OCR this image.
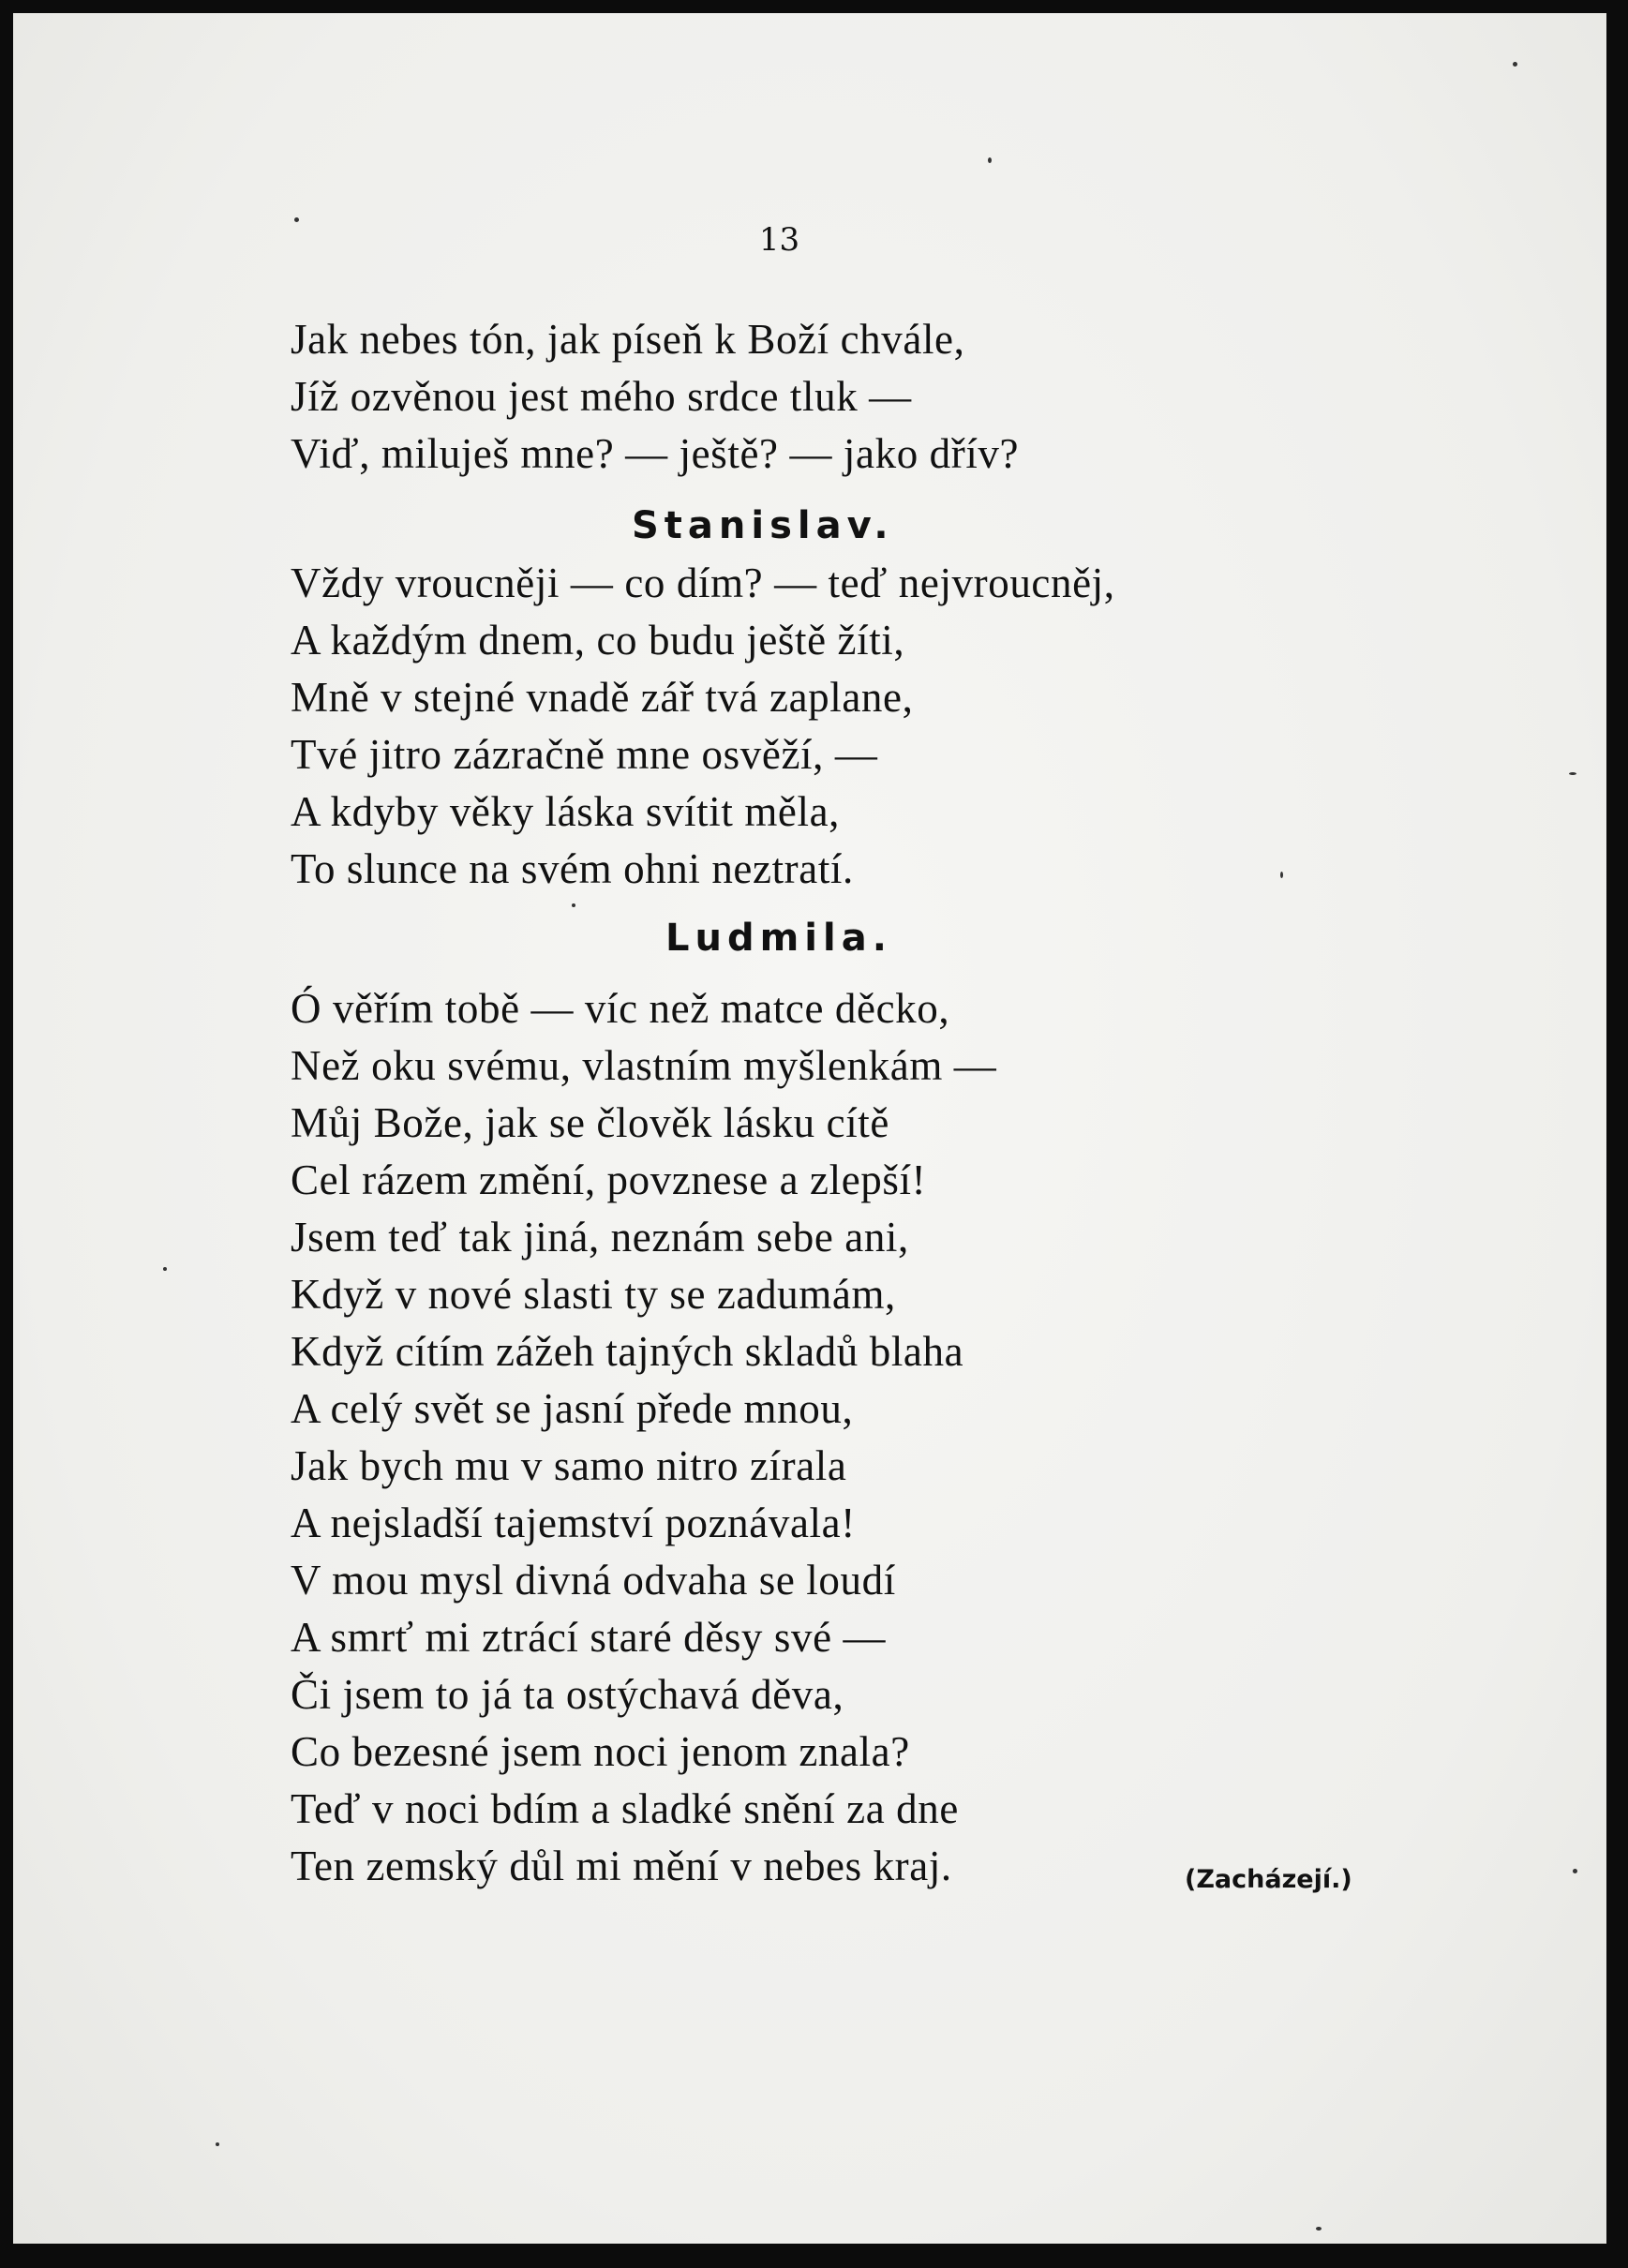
13
Jak nebes tón, jak píseň k Boží chvále,
Jíž ozvěnou jest mého srdce tluk —
Viď, miluješ mne? — ještě? — jako dřív?
Stanislav.
Vždy vroucněji — co dím? — teď nejvroucněj,
A každým dnem, co budu ještě žíti,
Mně v stejné vnadě zář tvá zaplane,
Tvé jitro zázračně mne osvěží, —
A kdyby věky láska svítit měla,
To slunce na svém ohni neztratí.
Ludmila.
Ó věřím tobě — víc než matce děcko,
Než oku svému, vlastním myšlenkám —
Můj Bože, jak se člověk lásku cítě
Cel rázem změní, povznese a zlepší!
Jsem teď tak jiná, neznám sebe ani,
Když v nové slasti ty se zadumám,
Když cítím zážeh tajných skladů blaha
A celý svět se jasní přede mnou,
Jak bych mu v samo nitro zírala
A nejsladší tajemství poznávala!
V mou mysl divná odvaha se loudí
A smrť mi ztrácí staré děsy své —
Či jsem to já ta ostýchavá děva,
Co bezesné jsem noci jenom znala?
Teď v noci bdím a sladké snění za dne
Ten zemský důl mi mění v nebes kraj.	(Zacházejí.)
